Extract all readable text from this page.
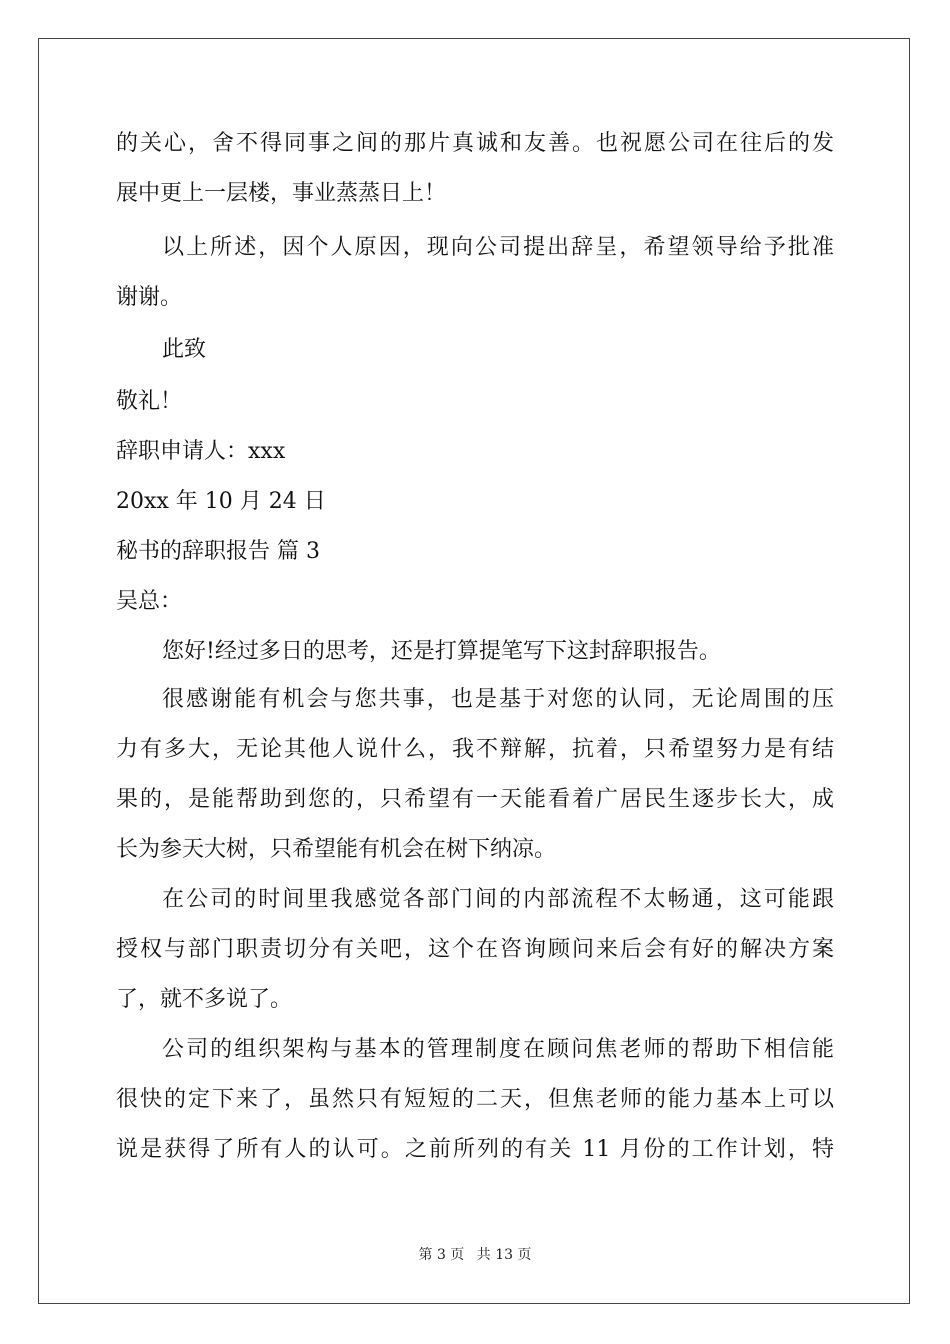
的关心，舍不得同事之间的那片真诚和友善。也祝愿公司在往后的发
展中更上一层楼，事业蒸蒸日上！
以上所述，因个人原因，现向公司提出辞呈，希望领导给予批准
谢谢。
此致
敬礼！
辞职申请人：xxx
20xx 年 10 月 24 日
秘书的辞职报告 篇 3
吴总：
您好!经过多日的思考，还是打算提笔写下这封辞职报告。
很感谢能有机会与您共事，也是基于对您的认同，无论周围的压
力有多大，无论其他人说什么，我不辩解，抗着，只希望努力是有结
果的，是能帮助到您的，只希望有一天能看着广居民生逐步长大，成
长为参天大树，只希望能有机会在树下纳凉。
在公司的时间里我感觉各部门间的内部流程不太畅通，这可能跟
授权与部门职责切分有关吧，这个在咨询顾问来后会有好的解决方案
了，就不多说了。
公司的组织架构与基本的管理制度在顾问焦老师的帮助下相信能
很快的定下来了，虽然只有短短的二天，但焦老师的能力基本上可以
说是获得了所有人的认可。之前所列的有关 11 月份的工作计划，特
第 3 页 共 13 页
